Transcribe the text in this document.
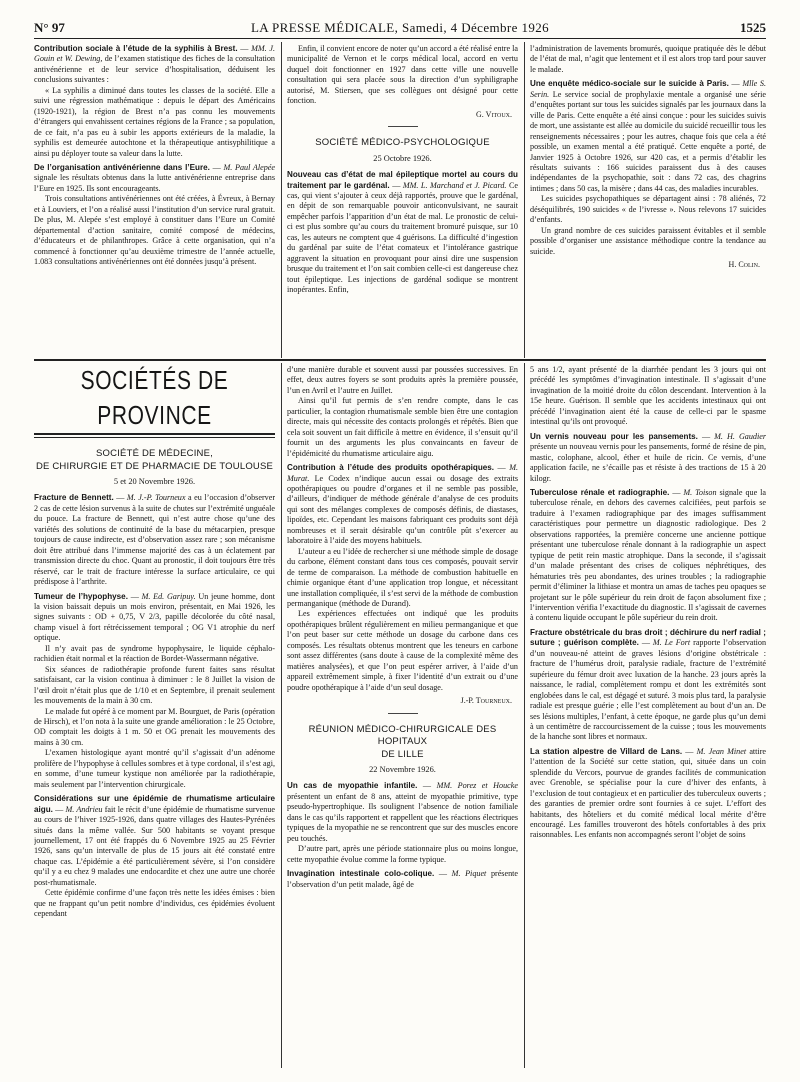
N° 97	LA PRESSE MÉDICALE, Samedi, 4 Décembre 1926	1525

Contribution sociale à l’étude de la syphilis à Brest. — MM. J. Gouin et W. Dewing, de l’examen statistique des fiches de la consultation antivénérienne et de leur service d’hospitalisation, déduisent les conclusions suivantes :

« La syphilis a diminué dans toutes les classes de la société. Elle a suivi une régression mathématique : depuis le départ des Américains (1920-1921), la région de Brest n’a pas connu les mouvements d’étrangers qui envahissent certaines régions de la France ; sa population, de ce fait, n’a pas eu à subir les apports extérieurs de la maladie, la syphilis est demeurée autochtone et la thérapeutique antisyphilitique a ainsi pu déployer toute sa valeur dans la lutte.

De l’organisation antivénérienne dans l’Eure. — M. Paul Alepée signale les résultats obtenus dans la lutte antivénérienne entreprise dans l’Eure en 1925. Ils sont encourageants.

Trois consultations antivénériennes ont été créées, à Évreux, à Bernay et à Louviers, et l’on a réalisé aussi l’institution d’un service rural gratuit. De plus, M. Alepée s’est employé à constituer dans l’Eure un Comité départemental d’action sanitaire, comité composé de médecins, d’éducateurs et de philanthropes. Grâce à cette organisation, qui n’a commencé à fonctionner qu’au deuxième trimestre de l’année actuelle, 1.083 consultations antivénériennes ont été données jusqu’à présent.

Enfin, il convient encore de noter qu’un accord a été réalisé entre la municipalité de Vernon et le corps médical local, accord en vertu duquel doit fonctionner en 1927 dans cette ville une nouvelle consultation qui sera placée sous la direction d’un syphiligraphe autorisé, M. Stiersen, que ses collègues ont désigné pour cette fonction.

G. Vitoux.
SOCIÉTÉ MÉDICO-PSYCHOLOGIQUE
25 Octobre 1926.

Nouveau cas d’état de mal épileptique mortel au cours du traitement par le gardénal. — MM. L. Marchand et J. Picard. Ce cas, qui vient s’ajouter à ceux déjà rapportés, prouve que le gardénal, en dépit de son remarquable pouvoir anticonvulsivant, ne saurait empêcher parfois l’apparition d’un état de mal. Le pronostic de celui-ci est plus sombre qu’au cours du traitement bromuré puisque, sur 10 cas, les auteurs ne comptent que 4 guérisons. La difficulté d’ingestion du gardénal par suite de l’état comateux et l’intolérance gastrique aggravent la situation en provoquant pour ainsi dire une suspension brusque du traitement et l’on sait combien celle-ci est dangereuse chez tout épileptique. Les injections de gardénal sodique se montrent inopérantes. Enfin,

l’administration de lavements bromurés, quoique pratiquée dès le début de l’état de mal, n’agit que lentement et il est alors trop tard pour sauver le malade.

Une enquête médico-sociale sur le suicide à Paris. — Mlle S. Serin. Le service social de prophylaxie mentale a organisé une série d’enquêtes portant sur tous les suicides signalés par les journaux dans la ville de Paris. Cette enquête a été ainsi conçue : pour les suicides suivis de mort, une assistante est allée au domicile du suicidé recueillir tous les renseignements nécessaires ; pour les autres, chaque fois que cela a été possible, un examen mental a été pratiqué. Cette enquête a porté, de Janvier 1925 à Octobre 1926, sur 420 cas, et a permis d’établir les résultats suivants : 166 suicides paraissent dus à des causes indépendantes de la psychopathie, soit : dans 72 cas, des chagrins intimes ; dans 50 cas, la misère ; dans 44 cas, des maladies incurables.

Les suicides psychopathiques se départagent ainsi : 78 aliénés, 72 déséquilibrés, 190 suicides « de l’ivresse ». Nous relevons 17 suicides d’enfants.

Un grand nombre de ces suicides paraissent évitables et il semble possible d’organiser une assistance méthodique contre la tendance au suicide.

H. Colin.
SOCIÉTÉS DE PROVINCE
SOCIÉTÉ DE MÉDECINE,
DE CHIRURGIE ET DE PHARMACIE DE TOULOUSE
5 et 20 Novembre 1926.

Fracture de Bennett. — M. J.-P. Tourneux a eu l’occasion d’observer 2 cas de cette lésion survenus à la suite de chutes sur l’extrémité unguéale du pouce. La fracture de Bennett, qui n’est autre chose qu’une des variétés des solutions de continuité de la base du métacarpien, presque toujours de cause indirecte, est d’observation assez rare ; son mécanisme doit être attribué dans l’immense majorité des cas à un éclatement par transmission directe du choc. Quant au pronostic, il doit toujours être très réservé, car le trait de fracture intéresse la surface articulaire, ce qui prédispose à l’arthrite.

Tumeur de l’hypophyse. — M. Ed. Garipuy. Un jeune homme, dont la vision baissait depuis un mois environ, présentait, en Mai 1926, les signes suivants : OD + 0,75, V 2/3, papille décolorée du côté nasal, champ visuel à fort rétrécissement temporal ; OG V1 atrophie du nerf optique.

Il n’y avait pas de syndrome hypophysaire, le liquide céphalo-rachidien était normal et la réaction de Bordet-Wassermann négative.

Six séances de radiothérapie profonde furent faites sans résultat satisfaisant, car la vision continua à diminuer : le 8 Juillet la vision de l’œil droit n’était plus que de 1/10 et en Septembre, il prenait seulement les mouvements de la main à 30 cm.

Le malade fut opéré à ce moment par M. Bourguet, de Paris (opération de Hirsch), et l’on nota à la suite une grande amélioration : le 25 Octobre, OD comptait les doigts à 1 m. 50 et OG prenait les mouvements des mains à 30 cm.

L’examen histologique ayant montré qu’il s’agissait d’un adénome prolifère de l’hypophyse à cellules sombres et à type cordonal, il s’est agi, en somme, d’une tumeur kystique non améliorée par la radiothérapie, mais seulement par l’intervention chirurgicale.

Considérations sur une épidémie de rhumatisme articulaire aigu. — M. Andrieu fait le récit d’une épidémie de rhumatisme survenue au cours de l’hiver 1925-1926, dans quatre villages des Hautes-Pyrénées situés dans la même vallée. Sur 500 habitants se voyant presque journellement, 17 ont été frappés du 6 Novembre 1925 au 25 Février 1926, sans qu’un intervalle de plus de 15 jours ait été constaté entre chaque cas. L’épidémie a été particulièrement sévère, si l’on considère qu’il y a eu chez 9 malades une endocardite et chez une autre une chorée post-rhumatismale.

Cette épidémie confirme d’une façon très nette les idées émises : bien que ne frappant qu’un petit nombre d’individus, ces épidémies évoluent cependant

d’une manière durable et souvent aussi par poussées successives. En effet, deux autres foyers se sont produits après la première poussée, l’un en Avril et l’autre en Juillet.

Ainsi qu’il fut permis de s’en rendre compte, dans le cas particulier, la contagion rhumatismale semble bien être une contagion directe, mais qui nécessite des contacts prolongés et répétés. Bien que cela soit souvent un fait difficile à mettre en évidence, il s’ensuit qu’il fournit un des arguments les plus convaincants en faveur de l’épidémicité du rhumatisme articulaire aigu.

Contribution à l’étude des produits opothérapiques. — M. Murat. Le Codex n’indique aucun essai ou dosage des extraits opothérapiques ou poudre d’organes et il ne semble pas possible, d’ailleurs, d’indiquer de méthode générale d’analyse de ces produits qui sont des mélanges complexes de composés définis, de diastases, lipoïdes, etc. Cependant les maisons fabriquant ces produits sont déjà nombreuses et il serait désirable qu’un contrôle pût s’exercer au laboratoire à l’aide des moyens habituels.

L’auteur a eu l’idée de rechercher si une méthode simple de dosage du carbone, élément constant dans tous ces composés, pouvait servir de terme de comparaison. La méthode de combustion habituelle en chimie organique étant d’une application trop longue, et nécessitant une installation compliquée, il s’est servi de la méthode de combustion permanganique (méthode de Durand).

Les expériences effectuées ont indiqué que les produits opothérapiques brûlent régulièrement en milieu permanganique et que l’on peut baser sur cette méthode un dosage du carbone dans ces composés. Les résultats obtenus montrent que les teneurs en carbone sont assez différentes (sans doute à cause de la complexité même des matières analysées), et que l’on peut espérer arriver, à l’aide d’un appareil extrêmement simple, à fixer l’identité d’un extrait ou d’une poudre opothérapique à l’aide d’un seul dosage.

J.-P. Tourneux.
RÉUNION MÉDICO-CHIRURGICALE DES HOPITAUX
DE LILLE
22 Novembre 1926.

Un cas de myopathie infantile. — MM. Porez et Houcke présentent un enfant de 8 ans, atteint de myopathie primitive, type pseudo-hypertrophique. Ils soulignent l’absence de notion familiale dans le cas qu’ils rapportent et rappellent que les réactions électriques typiques de la myopathie ne se rencontrent que sur des muscles encore peu touchés.

D’autre part, après une période stationnaire plus ou moins longue, cette myopathie évolue comme la forme typique.

Invagination intestinale colo-colique. — M. Piquet présente l’observation d’un petit malade, âgé de

5 ans 1/2, ayant présenté de la diarrhée pendant les 3 jours qui ont précédé les symptômes d’invagination intestinale. Il s’agissait d’une invagination de la moitié droite du côlon descendant. Intervention à la 15e heure. Guérison. Il semble que les accidents intestinaux qui ont précédé l’invagination aient été la cause de celle-ci par le spasme intestinal qu’ils ont provoqué.

Un vernis nouveau pour les pansements. — M. H. Gaudier présente un nouveau vernis pour les pansements, formé de résine de pin, mastic, colophane, alcool, éther et huile de ricin. Ce vernis, d’une application facile, ne s’écaille pas et résiste à des tractions de 15 à 20 kilogr.

Tuberculose rénale et radiographie. — M. Toison signale que la tuberculose rénale, en dehors des cavernes calcifiées, peut parfois se traduire à l’examen radiographique par des images suffisamment caractéristiques pour permettre un diagnostic radiologique. Des 2 observations rapportées, la première concerne une ancienne pottique présentant une tuberculose rénale donnant à la radiographie un aspect typique de petit rein mastic atrophique. Dans la seconde, il s’agissait d’un malade présentant des crises de coliques néphrétiques, des hématuries très peu abondantes, des urines troubles ; la radiographie permit d’éliminer la lithiase et montra un amas de taches peu opaques se projetant sur le pôle supérieur du rein droit de façon absolument fixe ; l’intervention vérifia l’exactitude du diagnostic. Il s’agissait de cavernes à contenu liquide occupant le pôle supérieur du rein droit.

Fracture obstétricale du bras droit ; déchirure du nerf radial ; suture ; guérison complète. — M. Le Fort rapporte l’observation d’un nouveau-né atteint de graves lésions d’origine obstétricale : fracture de l’humérus droit, paralysie radiale, fracture de l’extrémité supérieure du fémur droit avec luxation de la hanche. 23 jours après la naissance, le radial, complètement rompu et dont les extrémités sont englobées dans le cal, est dégagé et suturé. 3 mois plus tard, la paralysie radiale est presque guérie ; elle l’est complètement au bout d’un an. De ses lésions multiples, l’enfant, à cette époque, ne garde plus qu’un demi à un centimètre de raccourcissement de la cuisse ; tous les mouvements de la hanche sont libres et normaux.

La station alpestre de Villard de Lans. — M. Jean Minet attire l’attention de la Société sur cette station, qui, située dans un coin splendide du Vercors, pourvue de grandes facilités de communication avec Grenoble, se spécialise pour la cure d’hiver des enfants, à l’exclusion de tout contagieux et en particulier des tuberculeux ouverts ; des garanties de premier ordre sont fournies à ce sujet. L’effort des habitants, des hôteliers et du comité médical local mérite d’être encouragé. Les familles trouveront des hôtels confortables à des prix raisonnables. Les enfants non accompagnés seront l’objet de soins
